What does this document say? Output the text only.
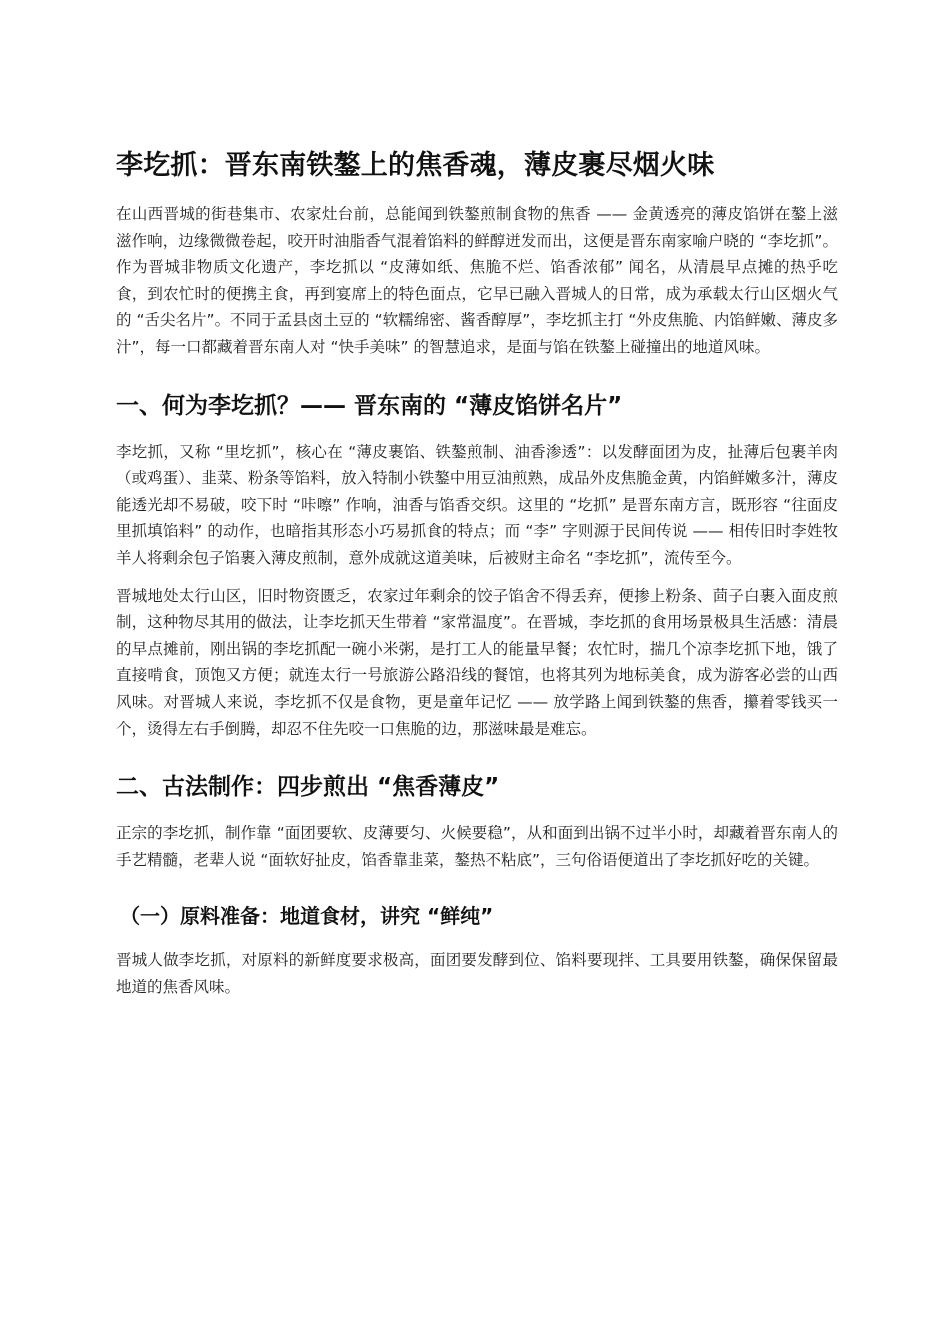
李圪抓：晋东南铁鏊上的焦香魂，薄皮裹尽烟火味

在山西晋城的街巷集市、农家灶台前，总能闻到铁鏊煎制食物的焦香 —— 金黄透亮的薄皮馅饼在鏊上滋滋作响，边缘微微卷起，咬开时油脂香气混着馅料的鲜醇迸发而出，这便是晋东南家喻户晓的 “李圪抓”。作为晋城非物质文化遗产，李圪抓以 “皮薄如纸、焦脆不烂、馅香浓郁” 闻名，从清晨早点摊的热乎吃食，到农忙时的便携主食，再到宴席上的特色面点，它早已融入晋城人的日常，成为承载太行山区烟火气的 “舌尖名片”。不同于孟县卤土豆的 “软糯绵密、酱香醇厚”，李圪抓主打 “外皮焦脆、内馅鲜嫩、薄皮多汁”，每一口都藏着晋东南人对 “快手美味” 的智慧追求，是面与馅在铁鏊上碰撞出的地道风味。

一、何为李圪抓？—— 晋东南的 “薄皮馅饼名片”

李圪抓，又称 “里圪抓”，核心在 “薄皮裹馅、铁鏊煎制、油香渗透”：以发酵面团为皮，扯薄后包裹羊肉（或鸡蛋）、韭菜、粉条等馅料，放入特制小铁鏊中用豆油煎熟，成品外皮焦脆金黄，内馅鲜嫩多汁，薄皮能透光却不易破，咬下时 “咔嚓” 作响，油香与馅香交织。这里的 “圪抓” 是晋东南方言，既形容 “往面皮里抓填馅料” 的动作，也暗指其形态小巧易抓食的特点；而 “李” 字则源于民间传说 —— 相传旧时李姓牧羊人将剩余包子馅裹入薄皮煎制，意外成就这道美味，后被财主命名 “李圪抓”，流传至今。

晋城地处太行山区，旧时物资匮乏，农家过年剩余的饺子馅舍不得丢弃，便掺上粉条、茴子白裹入面皮煎制，这种物尽其用的做法，让李圪抓天生带着 “家常温度”。在晋城，李圪抓的食用场景极具生活感：清晨的早点摊前，刚出锅的李圪抓配一碗小米粥，是打工人的能量早餐；农忙时，揣几个凉李圪抓下地，饿了直接啃食，顶饱又方便；就连太行一号旅游公路沿线的餐馆，也将其列为地标美食，成为游客必尝的山西风味。对晋城人来说，李圪抓不仅是食物，更是童年记忆 —— 放学路上闻到铁鏊的焦香，攥着零钱买一个，烫得左右手倒腾，却忍不住先咬一口焦脆的边，那滋味最是难忘。

二、古法制作：四步煎出 “焦香薄皮”

正宗的李圪抓，制作靠 “面团要软、皮薄要匀、火候要稳”，从和面到出锅不过半小时，却藏着晋东南人的手艺精髓，老辈人说 “面软好扯皮，馅香靠韭菜，鏊热不粘底”，三句俗语便道出了李圪抓好吃的关键。

（一）原料准备：地道食材，讲究 “鲜纯”

晋城人做李圪抓，对原料的新鲜度要求极高，面团要发酵到位、馅料要现拌、工具要用铁鏊，确保保留最地道的焦香风味。
